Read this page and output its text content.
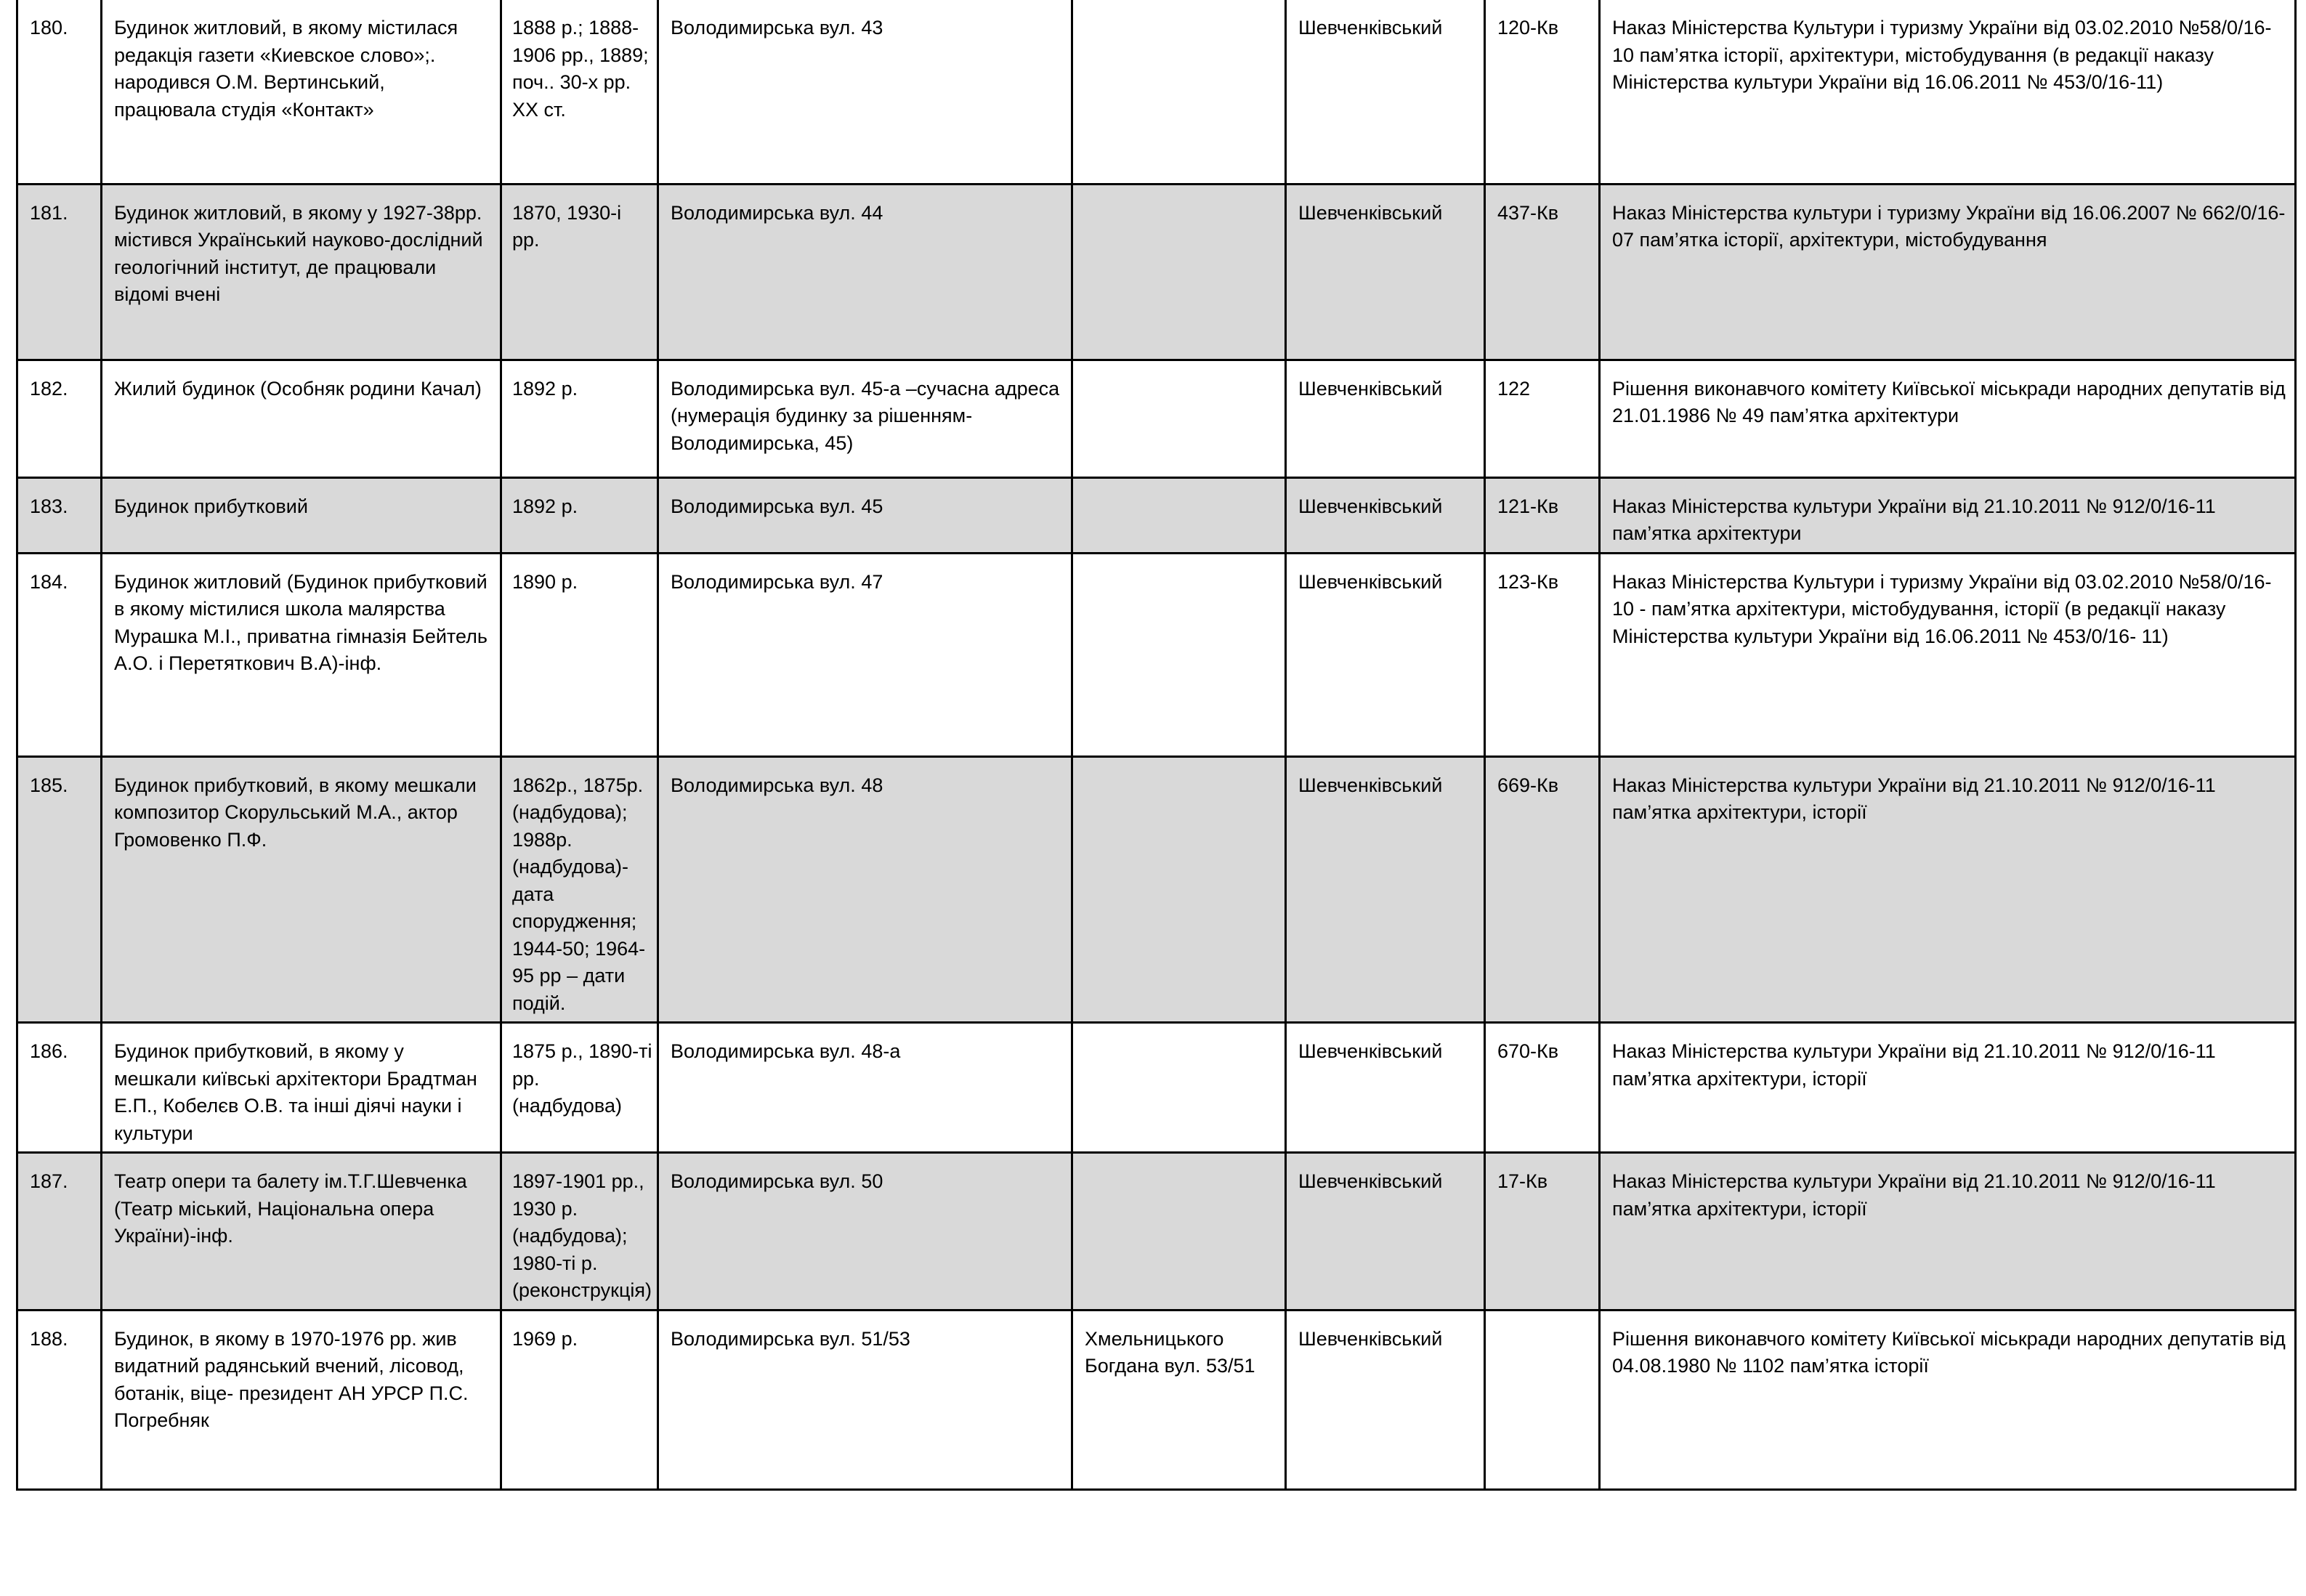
180.	Будинок житловий, в якому містилася редакція газети «Киевское слово»;. народився О.М. Вертинський, працювала студія «Контакт»	1888 р.; 1888-1906 рр., 1889; поч.. 30-х рр. XX ст.	Володимирська вул. 43		Шевченківський	120-Кв	Наказ Міністерства Культури і туризму України від 03.02.2010 №58/0/16-10 пам’ятка історії, архітектури, містобудування (в редакції наказу Міністерства культури України від 16.06.2011 № 453/0/16-11)
181.	Будинок житловий, в якому у 1927-38рр. містився Український науково-дослідний геологічний інститут, де працювали відомі вчені	1870, 1930-і рр.	Володимирська вул. 44		Шевченківський	437-Кв	Наказ Міністерства культури і туризму України від 16.06.2007 № 662/0/16-07 пам’ятка історії, архітектури, містобудування
182.	Жилий будинок (Особняк родини Качал)	1892 р.	Володимирська вул. 45-а –сучасна адреса (нумерація будинку за рішенням-Володимирська, 45)		Шевченківський	122	Рішення виконавчого комітету Київської міськради народних депутатів від 21.01.1986 № 49 пам’ятка архітектури
183.	Будинок прибутковий	1892 р.	Володимирська вул. 45		Шевченківський	121-Кв	Наказ Міністерства культури України від 21.10.2011 № 912/0/16-11 пам’ятка архітектури
184.	Будинок житловий (Будинок прибутковий в якому містилися школа малярства Мурашка М.І., приватна гімназія Бейтель А.О. і Перетяткович В.А)-інф.	1890 р.	Володимирська вул. 47		Шевченківський	123-Кв	Наказ Міністерства Культури і туризму України від 03.02.2010 №58/0/16-10 - пам’ятка архітектури, містобудування, історії (в редакції наказу Міністерства культури України від 16.06.2011 № 453/0/16- 11)
185.	Будинок прибутковий, в якому мешкали композитор Скорульський М.А., актор Громовенко П.Ф.	1862р., 1875р. (надбудова); 1988р. (надбудова)-дата спорудження; 1944-50; 1964- 95 рр – дати подій.	Володимирська вул. 48		Шевченківський	669-Кв	Наказ Міністерства культури України від 21.10.2011 № 912/0/16-11 пам’ятка архітектури, історії
186.	Будинок прибутковий, в якому у мешкали київські архітектори Брадтман Е.П., Кобелєв О.В. та інші діячі науки і культури	1875 р., 1890-ті рр. (надбудова)	Володимирська вул. 48-а		Шевченківський	670-Кв	Наказ Міністерства культури України від 21.10.2011 № 912/0/16-11 пам’ятка архітектури, історії
187.	Театр опери та балету ім.Т.Г.Шевченка (Театр міський, Національна опера України)-інф.	1897-1901 рр., 1930 р.(надбудова); 1980-ті р.(реконструкція)	Володимирська вул. 50		Шевченківський	17-Кв	Наказ Міністерства культури України від 21.10.2011 № 912/0/16-11 пам’ятка архітектури, історії
188.	Будинок, в якому в 1970-1976 рр. жив видатний радянський вчений, лісовод, ботанік, віце- президент АН УРСР П.С. Погребняк	1969 р.	Володимирська вул. 51/53	Хмельницького Богдана вул. 53/51	Шевченківський		Рішення виконавчого комітету Київської міськради народних депутатів від 04.08.1980 № 1102 пам’ятка історії
